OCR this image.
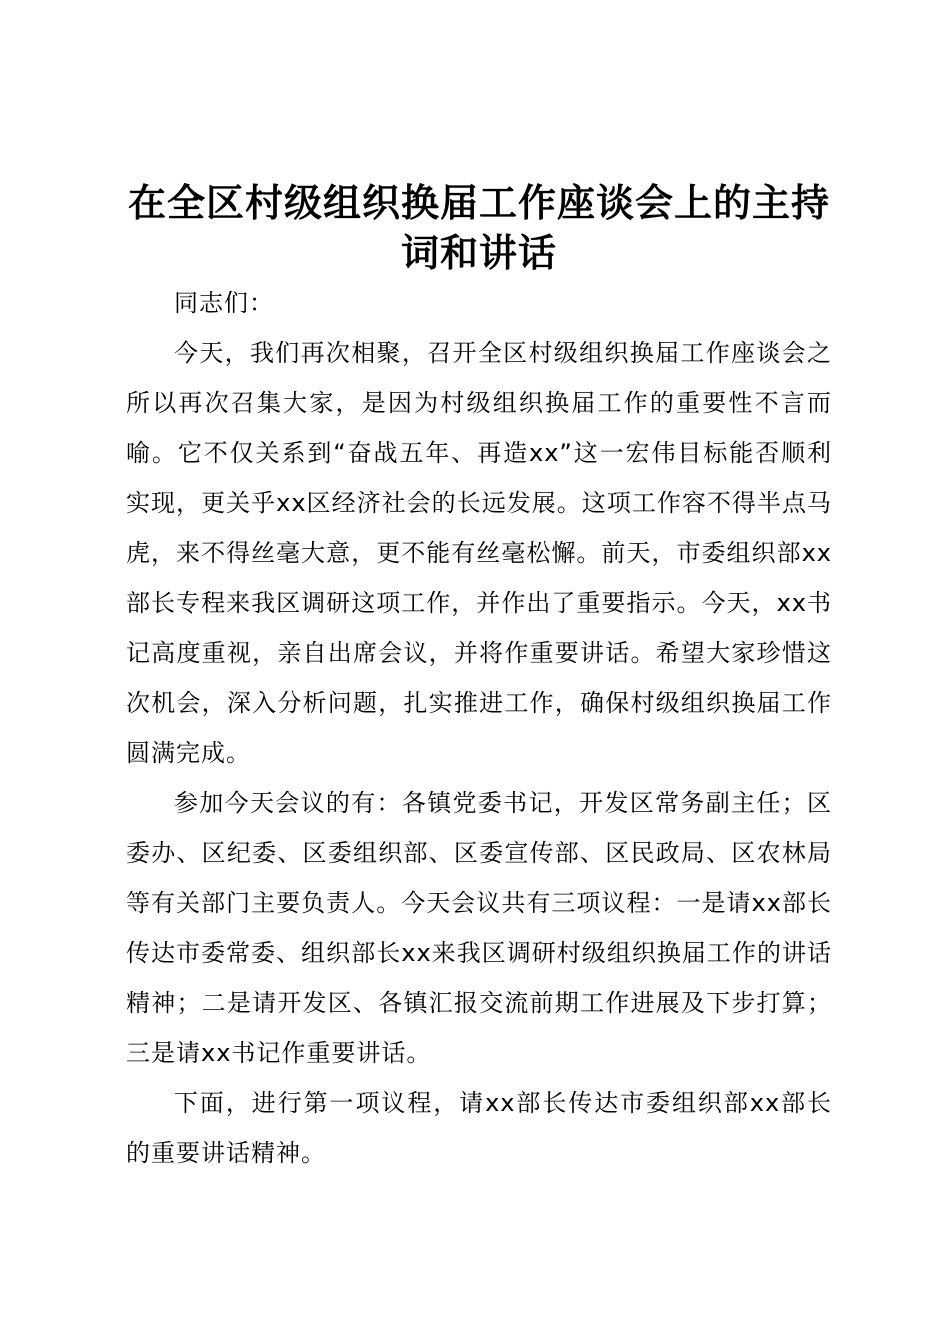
在全区村级组织换届工作座谈会上的主持词和讲话

同志们：

今天，我们再次相聚，召开全区村级组织换届工作座谈会之所以再次召集大家，是因为村级组织换届工作的重要性不言而喻。它不仅关系到“奋战五年、再造xx”这一宏伟目标能否顺利实现，更关乎xx区经济社会的长远发展。这项工作容不得半点马虎，来不得丝毫大意，更不能有丝毫松懈。前天，市委组织部xx部长专程来我区调研这项工作，并作出了重要指示。今天，xx书记高度重视，亲自出席会议，并将作重要讲话。希望大家珍惜这次机会，深入分析问题，扎实推进工作，确保村级组织换届工作圆满完成。

参加今天会议的有：各镇党委书记，开发区常务副主任；区委办、区纪委、区委组织部、区委宣传部、区民政局、区农林局等有关部门主要负责人。今天会议共有三项议程：一是请xx部长传达市委常委、组织部长xx来我区调研村级组织换届工作的讲话精神；二是请开发区、各镇汇报交流前期工作进展及下步打算；三是请xx书记作重要讲话。

下面，进行第一项议程，请xx部长传达市委组织部xx部长的重要讲话精神。
